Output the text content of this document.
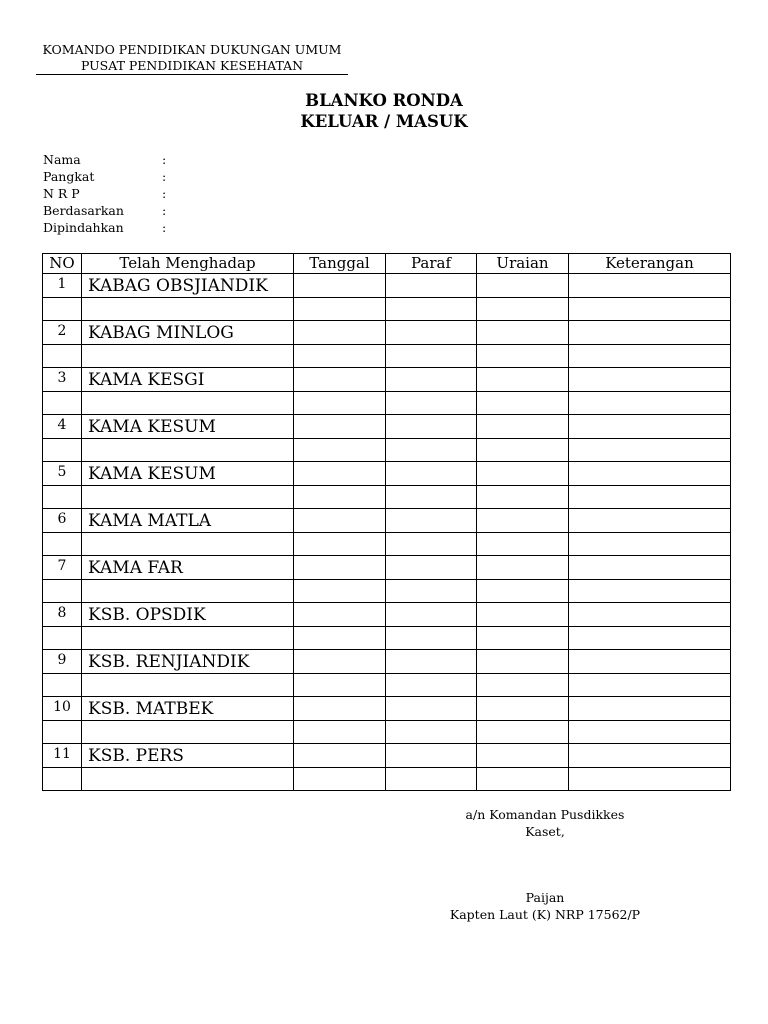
KOMANDO PENDIDIKAN DUKUNGAN UMUM
PUSAT PENDIDIKAN KESEHATAN
BLANKO RONDA
KELUAR / MASUK
Nama	:
Pangkat	:
N R P	:
Berdasarkan	:
Dipindahkan	:
NO	Telah Menghadap	Tanggal	Paraf	Uraian	Keterangan
1	KABAG OBSJIANDIK				

2	KABAG MINLOG				

3	KAMA KESGI				

4	KAMA KESUM				

5	KAMA KESUM				

6	KAMA MATLA				

7	KAMA FAR				

8	KSB. OPSDIK				

9	KSB. RENJIANDIK				

10	KSB. MATBEK				

11	KSB. PERS				

a/n Komandan Pusdikkes
Kaset,
Paijan
Kapten Laut (K) NRP 17562/P
